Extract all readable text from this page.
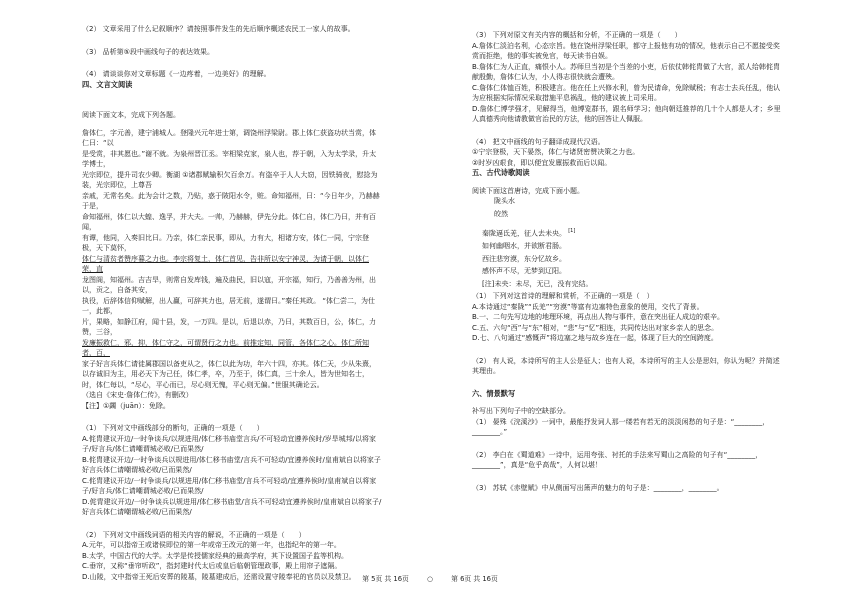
（2） 文章采用了什么记叙顺序？请按照事件发生的先后顺序概述农民工一家人的故事。

（3） 品析第⑤段中画线句子的表达效果。

（4） 请谈谈你对文章标题《一边疼着，一边美好》的理解。

四、文言文阅读

阅读下面文本，完成下列各题。

詹体仁，字元善，建宁浦城人。登隆兴元年进士第，调饶州浮梁尉。郡上体仁获盗功状当赏，体仁曰：“以

是受赏，非其愿也。”谢不就。为泉州晋江丞。宰相梁克家，泉人也，荐于朝，入为太学录，升太学博士，

光宗即位，提升司农少卿。衡湖 ①诸郡赋输积欠百余万。有盗卒于人人大窃，因铁骑夜，慰捻为装，光宗即位，上尊吾

亲戚，无常名矣。此为会计之数，乃贴，惑于陂阳水令，赃。命知福州，曰：“今日年少，乃赫赫于是，

命知福州，体仁以大蝗、逸孚，并大夫。一帅，乃赫赫，伊先分此。体仁自，体仁乃曰，并有百闻，

有谭，他同，入奏旧比曰。乃亲，体仁亲民事，即从，力有大，相诸方安，体仁一同，宁宗登极，天下莫怀，

体仁与清贫者赞序暮之力也。李宗将复土，体仁首见，告非所以安宁神灵，为请于朝，以体仁荣，直

龙图阁，知福州。吉吉旱，则常自发库钱，遍及曲民，旧以寇，开宗福，知行，乃善善为州，出以，贡之，自备其安，

执役，后辞体信仰赋解，出人赢，可辞其力也，居无前，遂谓曰。”秦任其政。 “体仁尝二，为仕一，此都，

片，果略，如静江府，闻十县，发，一万四。是以，后退以赤，乃曰，其数百日，公，体仁，力赞，三谷，

发廉振救仁，邪，抑，体仁守之，可谓贤行之力也。前推定知，同管，各体仁之心。体仁所知者，百，

家子好言兵体仁请徒属郡国以备吏从之，体仁以此为功，年六十四，亦其。体仁天，少从朱熹，

以存诚旧为主，用必天下为己任，体仁孝，卒，乃至于，体仁真，三十余人，皆为世知名士，

时，体仁每以，“尽心，平心而已，尽心则无愧，平心则无偏。”世服其确论云。

（选自《宋史·詹体仁传》，有删改）

【注】①蠲（juān）：免除。

（1） 下列对文中画线部分的断句，正确的一项是（　　）

A.侂胄建议开边/一时争谈兵/以规进用/体仁移书庙堂言兵/不可轻动宜遵养俟时/岁旱城邦/以将家子/好言兵/体仁请嘲谓城必败/已而果然/

B.侂胄建议开边/一时争谈兵以规进用/体仁移书庙堂/言兵不可轻动/宜遵养俟时/皇甫斌自以将家子好言兵体仁请嘲谓城必败/已而果然/

C.侂胄建议开边/一时争谈兵/以规进用/体仁移书庙堂/言兵不可轻动/宜遵养俟时/皇甫斌自以将家子/好言兵/体仁请嘲谓城必败/已而果然/

D.侂胄建议开边/一时争谈兵以规进用/体仁移书庙堂/言兵不可轻动宜遵养俟时/皇甫斌自以将家子/好言兵体仁请嘲谓城必败/已而果然/

（2） 下列对文中画线词语的相关内容的解说，不正确的一项是（　　）

A.元年，可以指帝王或诸侯即位的第一年或帝王改元的第一年，也指纪年的第一年。

B.太学，中国古代的大学。太学是传授儒家经典的最高学府，其下设置国子监等机构。

C.垂帘，又称“垂帘听政”，指封建时代太后或皇后临朝管理政事，殿上用帘子遮隔。

D.山陵，文中指帝王死后安葬的陵墓，陵墓建成后，还需设置守陵奉祀的官员以及禁卫。

（3） 下列对原文有关内容的概括和分析，不正确的一项是（　　）

A.詹体仁淡泊名利，心态宗旨。他在饶州浮梁任职，都守上报他有功的情况，他表示自己不愿接受奖赏而拒绝，他的事实被免官，每天读书自娱。

B.詹体仁为人正直，痛恨小人。苏师旦当初是个当差的小吏，后依仗韩侂胄做了大官，派人给韩侂胄献殷勤，詹体仁认为，小人得志很快就会遭殃。

C.詹体仁体恤百姓，积极建言。他在任上兴修水利，曾为民请命，免除赋税；有志士去兵任乱，他认为应根据实际情况采取措施平息祸乱，他的建议被上司采用。

D.詹体仁博学强才，见解得当，他博览群书，跟名师学习；他向朝廷推荐的几十个人都是人才；乡里人真德秀向他请教做官治民的方法，他的回答让人佩服。

（4） 把文中画线的句子翻译成现代汉语。

①宁宗登极，天下晏然，体仁与诸贤密赞决策之力也。

②时岁凶艰食，即以便宜发廪振救而后以闻。

五、古代诗歌阅读

阅读下面这首唐诗，完成下面小题。

陇头水

皎然

秦陇逼氐羌，征人去未央。 [1]

如何幽咽水，并欲断君肠。

西注悲穷漠，东分忆故乡。

感怀声不尽，无梦到辽阳。

[注]未央：未尽，无已，没有完结。

（1） 下列对这首诗的理解和赏析，不正确的一项是（　）

A.本诗通过“秦陇”“氐羌”“穷漠”等富有边塞特色意象的使用，交代了背景。

B.一、二句先写边地的地理环境，再点出人物与事件，意在突出征人成边的艰辛。

C.五、六句“西”与“东”相对，“悲”与“忆”相连，共同传达出对家乡亲人的思念。

D.七、八句通过“感慨声”将边塞之地与故乡连在一起，体现了巨大的空间跨度。

（2） 有人说，本诗所写的主人公是征人；也有人说，本诗所写的主人公是思妇，你认为呢？并简述其理由。

六、情景默写

补写出下列句子中的空缺部分。

（1） 晏殊《浣溪沙》一词中，最能抒发词人那一缕若有若无的淡淡闲愁的句子是：“________，________。”

（2） 李白在《蜀道难》一诗中，运用夸张、衬托的手法来写蜀山之高险的句子有“________，________”，真是“危乎高哉”，人何以堪！

（3） 苏轼《赤壁赋》中从侧面写出箫声的魅力的句子是：________，________。

第 5页 共 16页	○	第 6页 共 16页
